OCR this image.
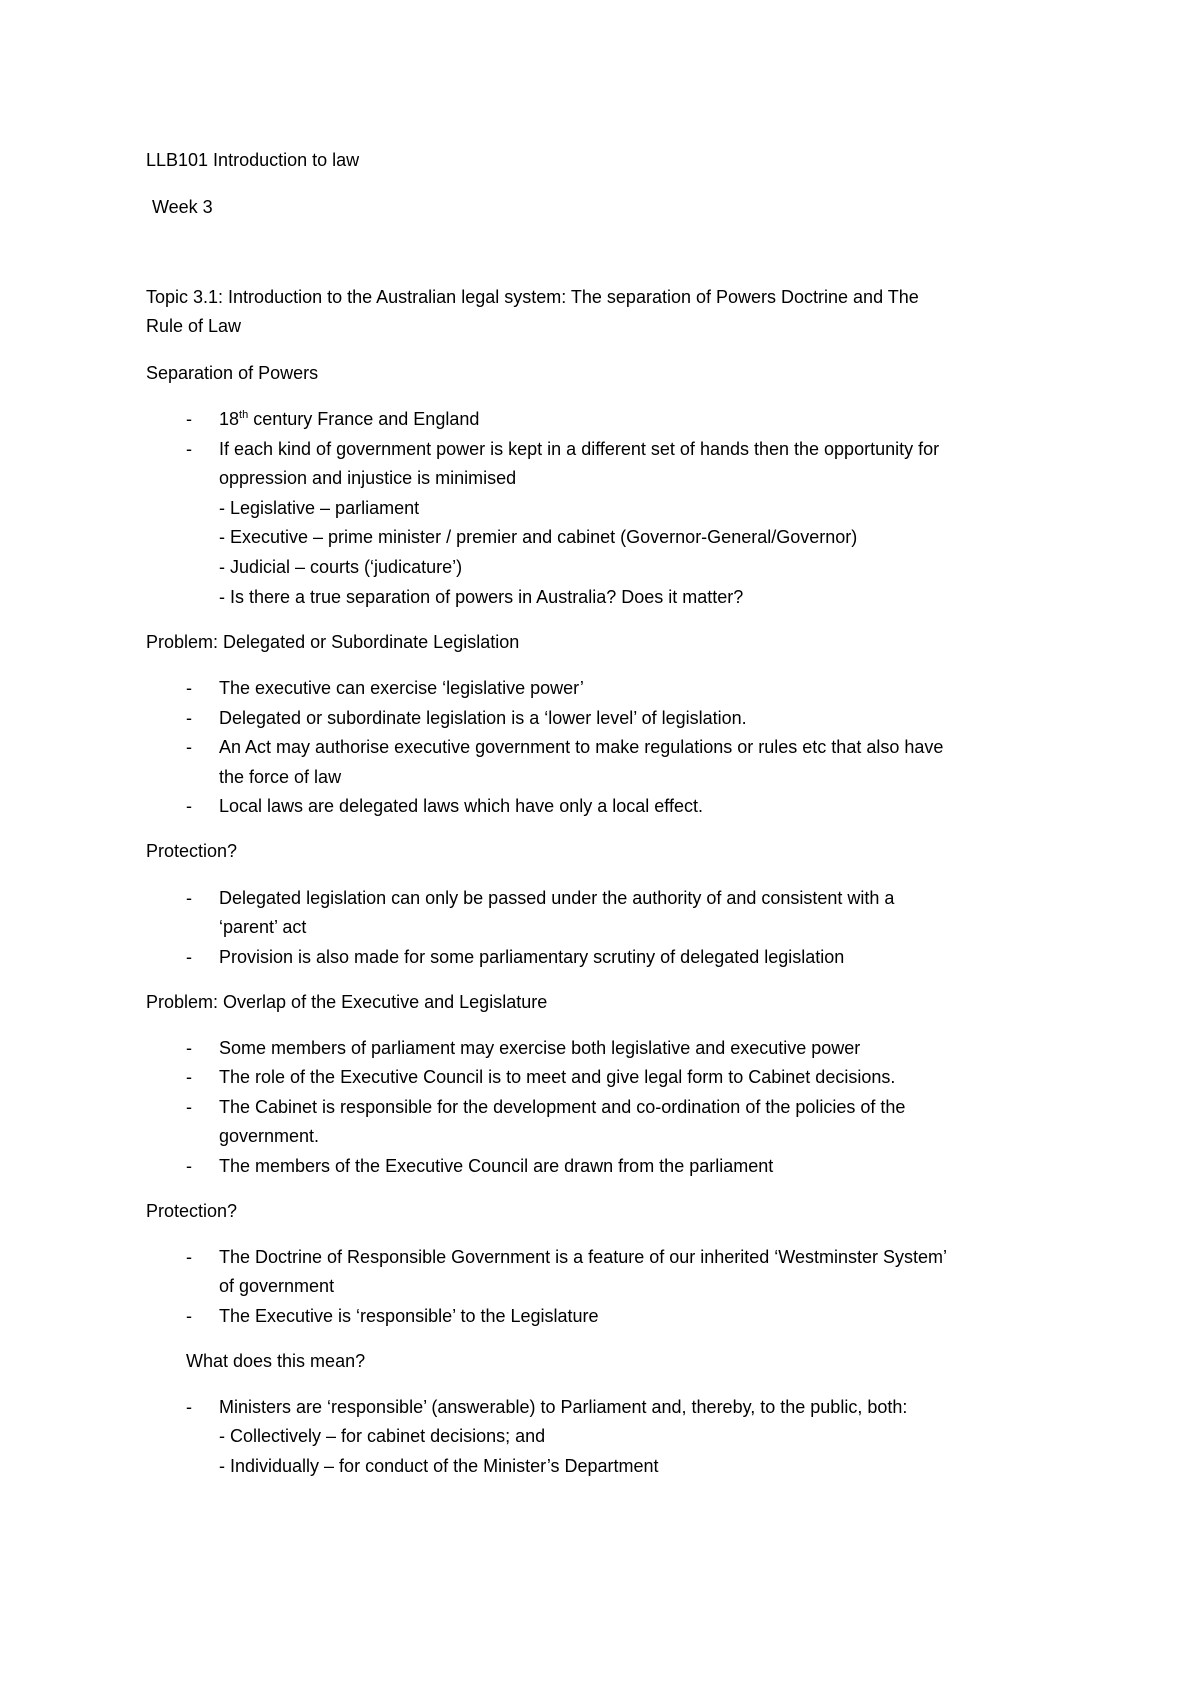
LLB101 Introduction to law
Week 3
Topic 3.1: Introduction to the Australian legal system: The separation of Powers Doctrine and The
Rule of Law
Separation of Powers
- 18th century France and England
- If each kind of government power is kept in a different set of hands then the opportunity for
oppression and injustice is minimised
- Legislative – parliament
- Executive – prime minister / premier and cabinet (Governor-General/Governor)
- Judicial – courts (‘judicature’)
- Is there a true separation of powers in Australia? Does it matter?
Problem: Delegated or Subordinate Legislation
- The executive can exercise ‘legislative power’
- Delegated or subordinate legislation is a ‘lower level’ of legislation.
- An Act may authorise executive government to make regulations or rules etc that also have
the force of law
- Local laws are delegated laws which have only a local effect.
Protection?
- Delegated legislation can only be passed under the authority of and consistent with a
‘parent’ act
- Provision is also made for some parliamentary scrutiny of delegated legislation
Problem: Overlap of the Executive and Legislature
- Some members of parliament may exercise both legislative and executive power
- The role of the Executive Council is to meet and give legal form to Cabinet decisions.
- The Cabinet is responsible for the development and co-ordination of the policies of the
government.
- The members of the Executive Council are drawn from the parliament
Protection?
- The Doctrine of Responsible Government is a feature of our inherited ‘Westminster System’
of government
- The Executive is ‘responsible’ to the Legislature
What does this mean?
- Ministers are ‘responsible’ (answerable) to Parliament and, thereby, to the public, both:
- Collectively – for cabinet decisions; and
- Individually – for conduct of the Minister’s Department
